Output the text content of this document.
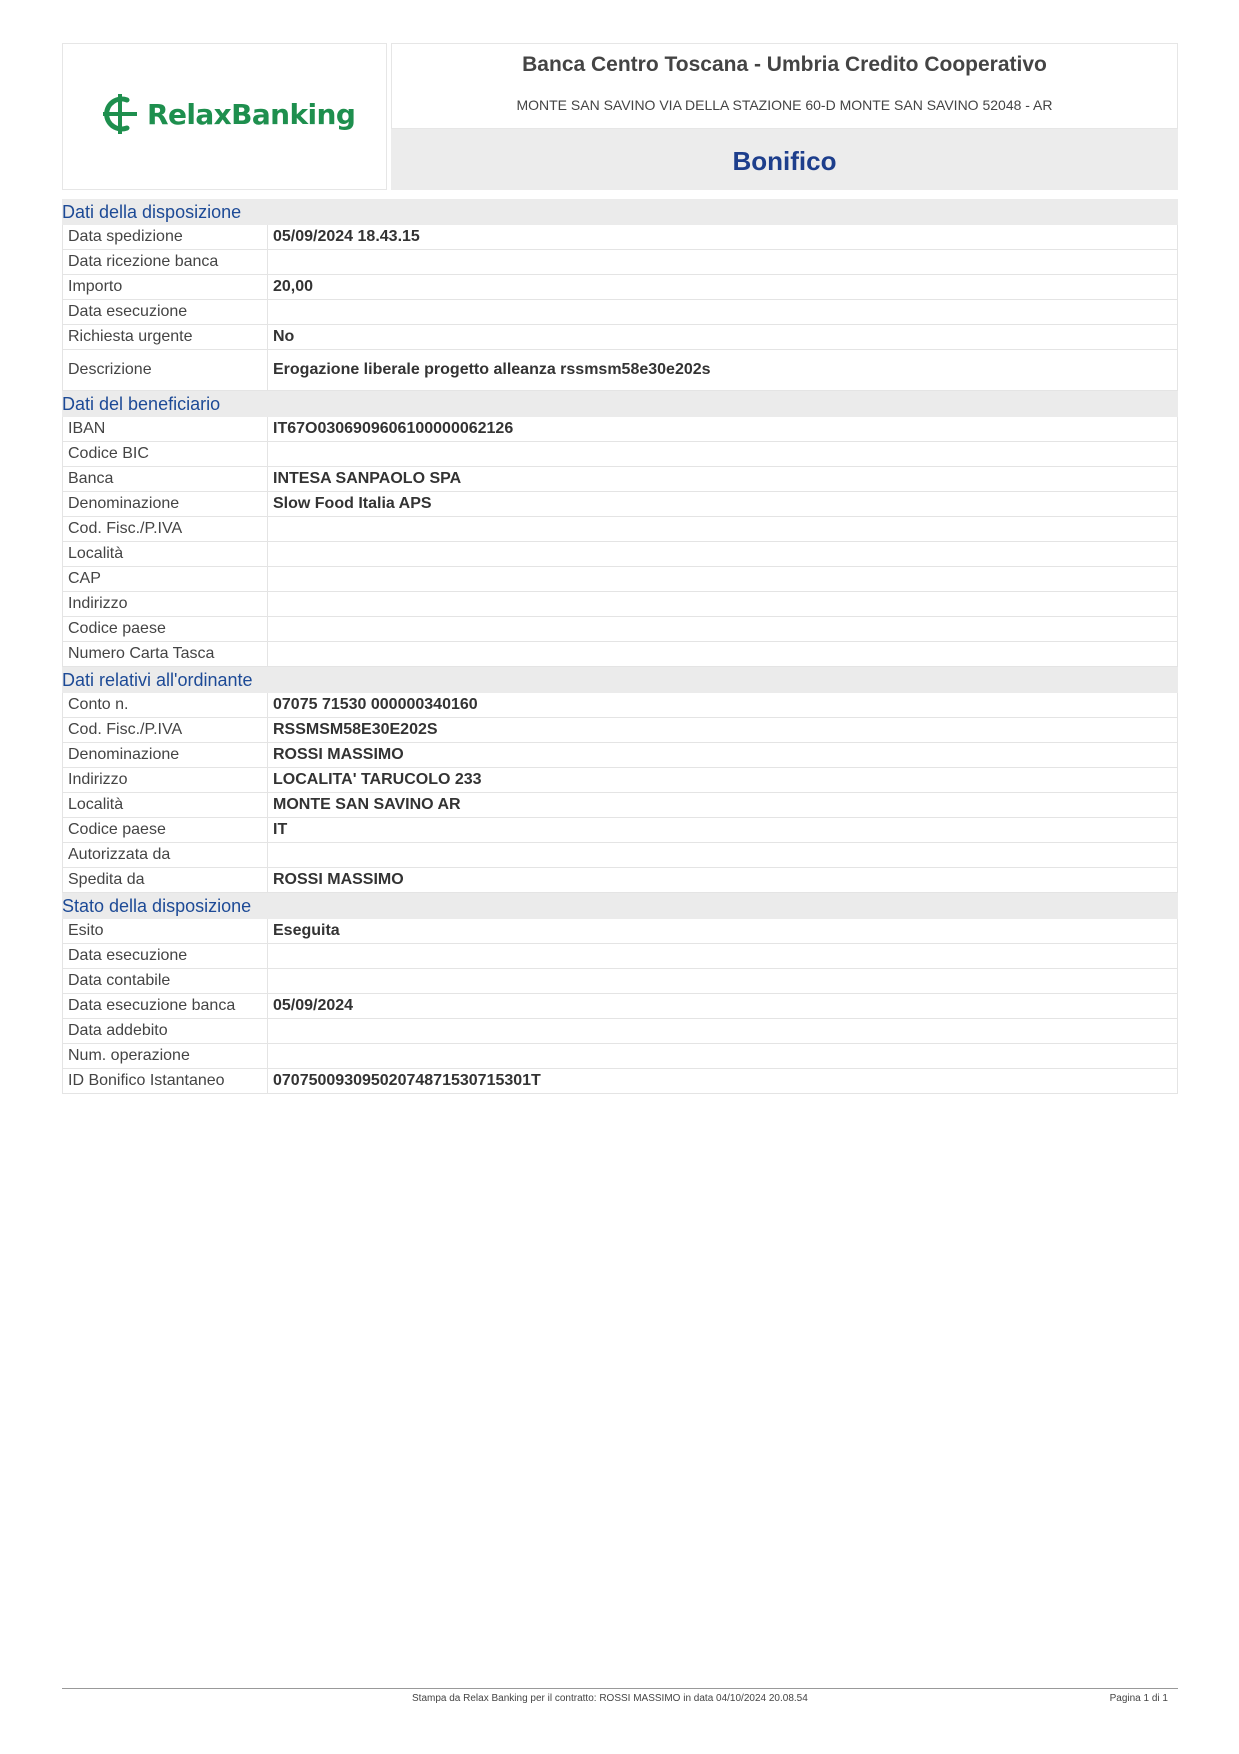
RelaxBanking
Banca Centro Toscana - Umbria Credito Cooperativo
MONTE SAN SAVINO VIA DELLA STAZIONE 60-D MONTE SAN SAVINO 52048 - AR
Bonifico
Dati della disposizione
Data spedizione	05/09/2024 18.43.15
Data ricezione banca
Importo	20,00
Data esecuzione
Richiesta urgente	No
Descrizione	Erogazione liberale progetto alleanza rssmsm58e30e202s
Dati del beneficiario
IBAN	IT67O0306909606100000062126
Codice BIC
Banca	INTESA SANPAOLO SPA
Denominazione	Slow Food Italia APS
Cod. Fisc./P.IVA
Località
CAP
Indirizzo
Codice paese
Numero Carta Tasca
Dati relativi all'ordinante
Conto n.	07075 71530 000000340160
Cod. Fisc./P.IVA	RSSMSM58E30E202S
Denominazione	ROSSI MASSIMO
Indirizzo	LOCALITA' TARUCOLO 233
Località	MONTE SAN SAVINO AR
Codice paese	IT
Autorizzata da
Spedita da	ROSSI MASSIMO
Stato della disposizione
Esito	Eseguita
Data esecuzione
Data contabile
Data esecuzione banca	05/09/2024
Data addebito
Num. operazione
ID Bonifico Istantaneo	07075009309502074871530715301T
Stampa da Relax Banking per il contratto: ROSSI MASSIMO in data 04/10/2024 20.08.54	Pagina 1 di 1
